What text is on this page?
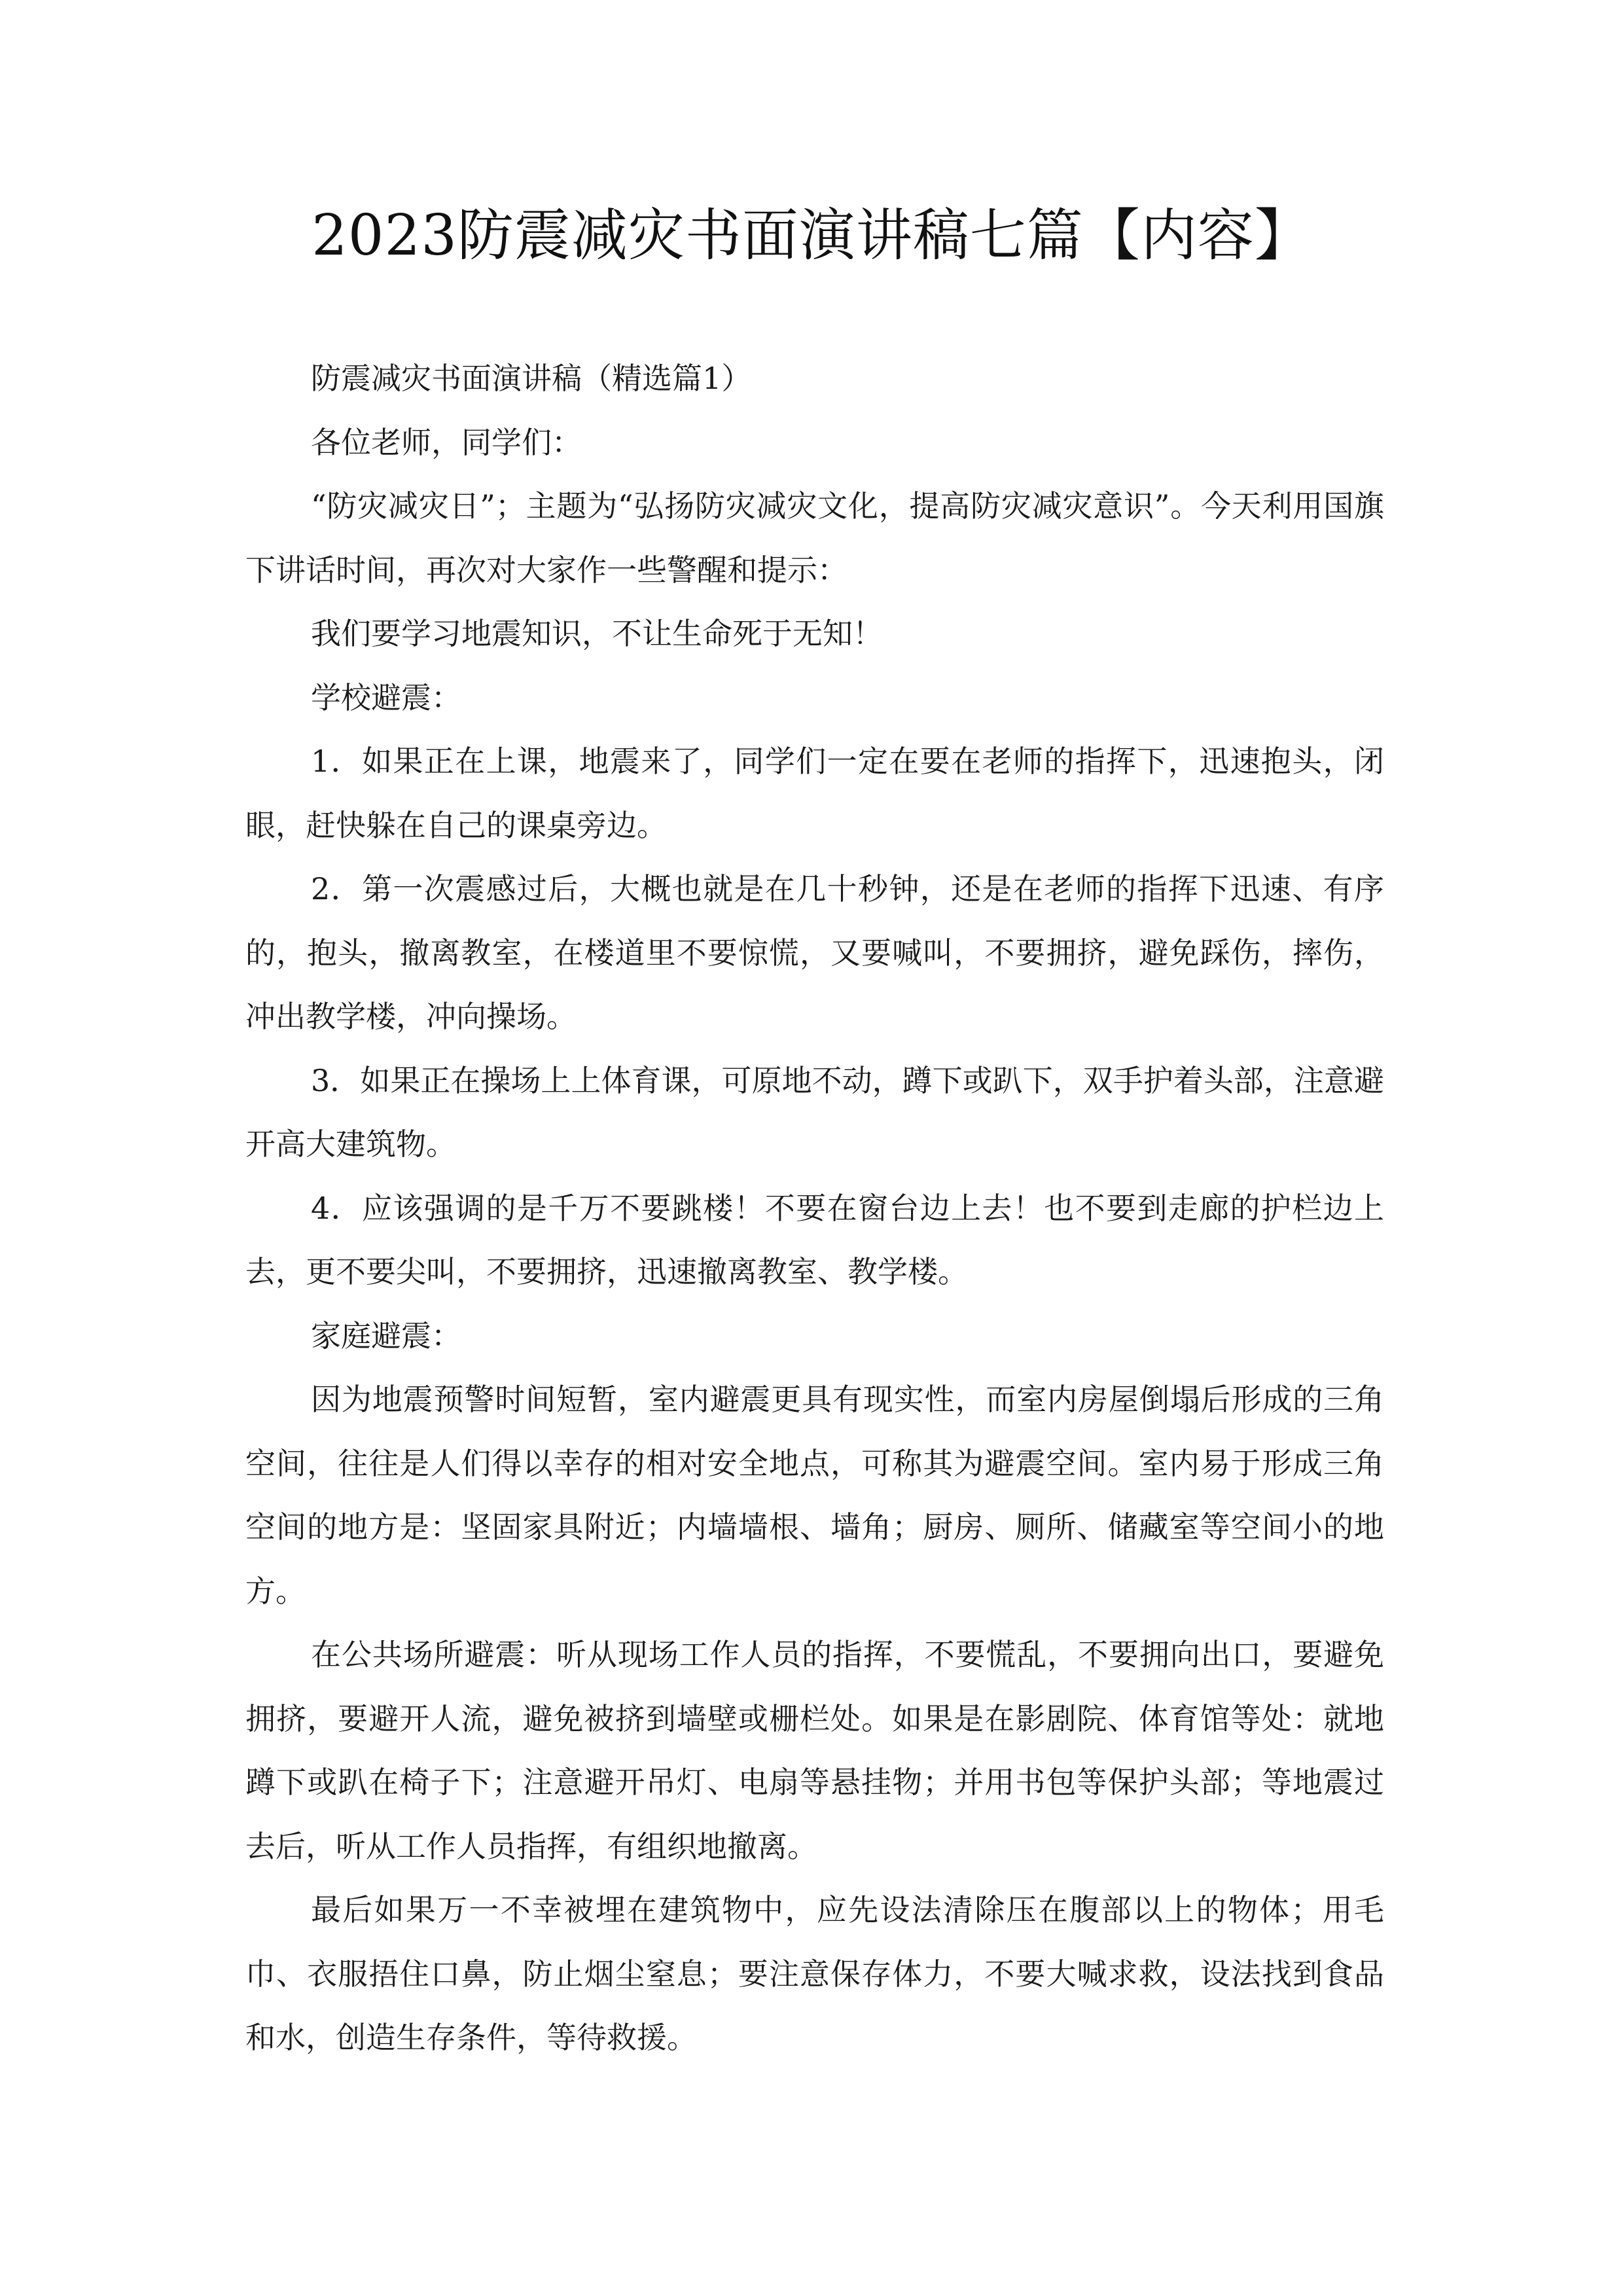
2023防震减灾书面演讲稿七篇【内容】

防震减灾书面演讲稿（精选篇1）

各位老师，同学们：

“防灾减灾日”；主题为“弘扬防灾减灾文化，提高防灾减灾意识”。今天利用国旗下讲话时间，再次对大家作一些警醒和提示：

我们要学习地震知识，不让生命死于无知！

学校避震：

1．如果正在上课，地震来了，同学们一定在要在老师的指挥下，迅速抱头，闭眼，赶快躲在自己的课桌旁边。

2．第一次震感过后，大概也就是在几十秒钟，还是在老师的指挥下迅速、有序的，抱头，撤离教室，在楼道里不要惊慌，又要喊叫，不要拥挤，避免踩伤，摔伤，冲出教学楼，冲向操场。

3．如果正在操场上上体育课，可原地不动，蹲下或趴下，双手护着头部，注意避开高大建筑物。

4．应该强调的是千万不要跳楼！不要在窗台边上去！也不要到走廊的护栏边上去，更不要尖叫，不要拥挤，迅速撤离教室、教学楼。

家庭避震：

因为地震预警时间短暂，室内避震更具有现实性，而室内房屋倒塌后形成的三角空间，往往是人们得以幸存的相对安全地点，可称其为避震空间。室内易于形成三角空间的地方是：坚固家具附近；内墙墙根、墙角；厨房、厕所、储藏室等空间小的地方。

在公共场所避震：听从现场工作人员的指挥，不要慌乱，不要拥向出口，要避免拥挤，要避开人流，避免被挤到墙壁或栅栏处。如果是在影剧院、体育馆等处：就地蹲下或趴在椅子下；注意避开吊灯、电扇等悬挂物；并用书包等保护头部；等地震过去后，听从工作人员指挥，有组织地撤离。

最后如果万一不幸被埋在建筑物中，应先设法清除压在腹部以上的物体；用毛巾、衣服捂住口鼻，防止烟尘窒息；要注意保存体力，不要大喊求救，设法找到食品和水，创造生存条件，等待救援。
